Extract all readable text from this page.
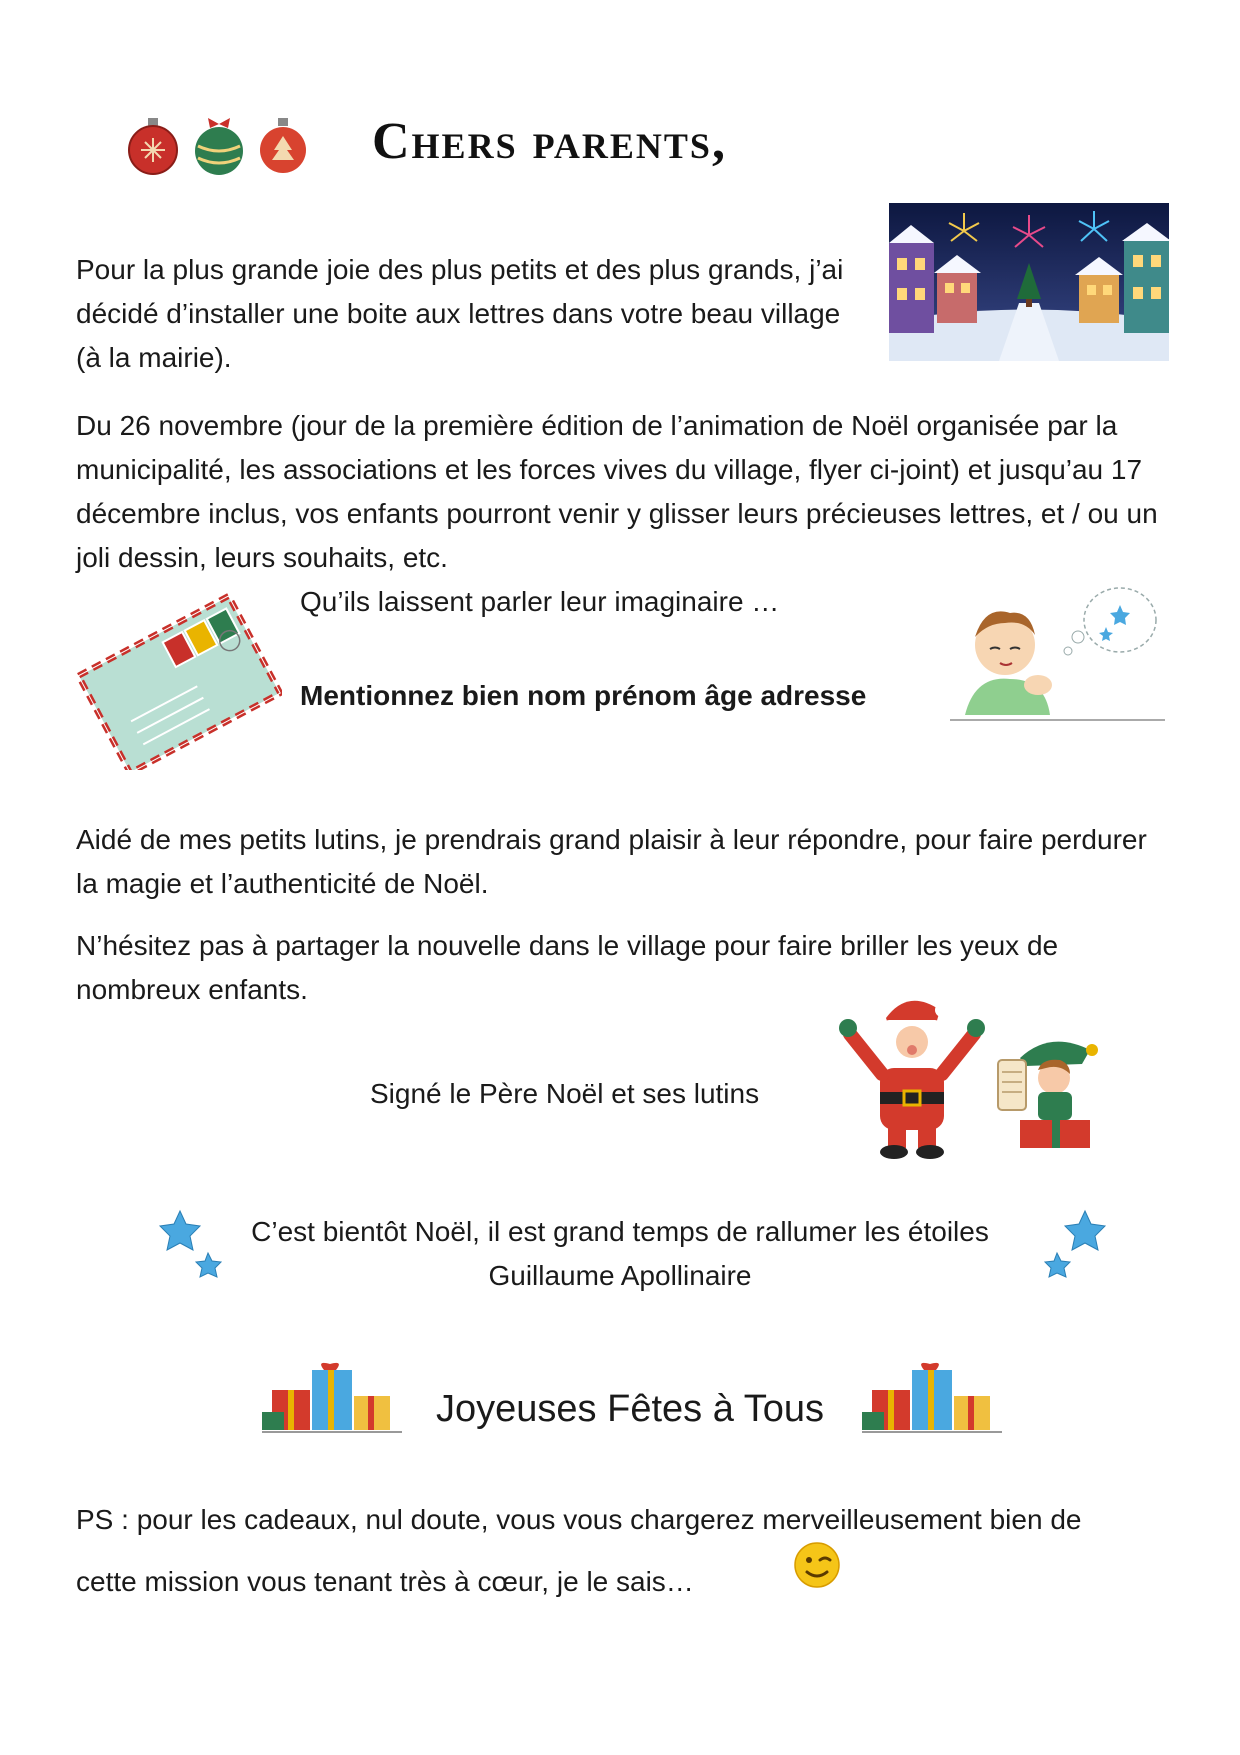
Chers parents,
Pour la plus grande joie des plus petits et des plus grands, j’ai décidé d’installer une boite aux lettres dans votre beau village (à la mairie).
Du 26 novembre (jour de la première édition de l’animation de Noël organisée par la municipalité, les associations et les forces vives du village, flyer ci-joint) et jusqu’au 17 décembre inclus, vos enfants pourront venir y glisser leurs précieuses lettres, et / ou un joli dessin, leurs souhaits, etc.
Qu’ils laissent parler leur imaginaire …
Mentionnez bien nom prénom âge adresse
Aidé de mes petits lutins, je prendrais grand plaisir à leur répondre, pour faire perdurer la magie et l’authenticité de Noël.
N’hésitez pas à partager la nouvelle dans le village pour faire briller les yeux de nombreux enfants.
Signé le Père Noël et ses lutins
C’est bientôt Noël, il est grand temps de rallumer les étoiles
Guillaume Apollinaire
Joyeuses Fêtes à Tous
PS : pour les cadeaux, nul doute, vous vous chargerez merveilleusement bien de
cette mission vous tenant très à cœur, je le sais…
